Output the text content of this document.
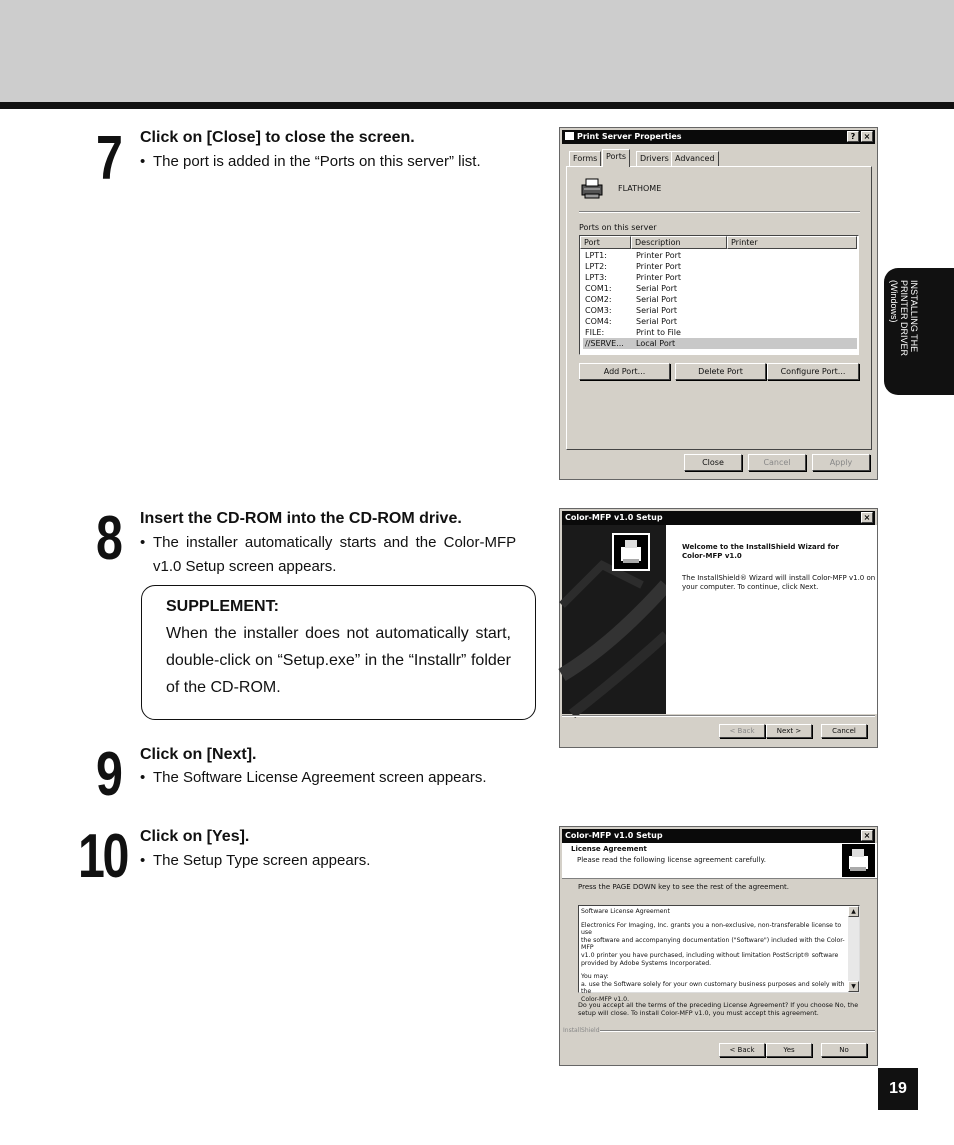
7 Click on [Close] to close the screen.
• The port is added in the “Ports on this server” list.
8 Insert the CD-ROM into the CD-ROM drive.
• The installer automatically starts and the Color-MFP
v1.0 Setup screen appears.
SUPPLEMENT:
When the installer does not automatically start, double-click on “Setup.exe” in the “Installr” folder of the CD-ROM.
9 Click on [Next].
• The Software License Agreement screen appears.
10 Click on [Yes].
• The Setup Type screen appears.
INSTALLING THE
PRINTER DRIVER
(Windows)
19
Print Server Properties	?	×
Forms	Ports	Drivers Advanced
FLATHOME
Ports on this server
Port	Description	Printer
LPT1:	Printer Port
LPT2:	Printer Port
LPT3:	Printer Port
COM1:	Serial Port
COM2:	Serial Port
COM3:	Serial Port
COM4:	Serial Port
FILE:	Print to File
//SERVE... Local Port
Add Port...	Delete Port	Configure Port...
Close	Cancel	Apply
Color-MFP v1.0 Setup	×
Welcome to the InstallShield Wizard for
Color-MFP v1.0
The InstallShield® Wizard will install Color-MFP v1.0 on
your computer. To continue, click Next.
< Back	Next >	Cancel
Color-MFP v1.0 Setup	×
License Agreement
Please read the following license agreement carefully.
Press the PAGE DOWN key to see the rest of the agreement.
Software License Agreement
Electronics For Imaging, Inc. grants you a non-exclusive, non-transferable license to use
the software and accompanying documentation ("Software") included with the Color-MFP
v1.0 printer you have purchased, including without limitation PostScript® software
provided by Adobe Systems Incorporated.
You may:
a. use the Software solely for your own customary business purposes and solely with the
Color-MFP v1.0.
▲
▼
Do you accept all the terms of the preceding License Agreement? If you choose No, the
setup will close. To install Color-MFP v1.0, you must accept this agreement.
InstallShield
< Back	Yes	No
